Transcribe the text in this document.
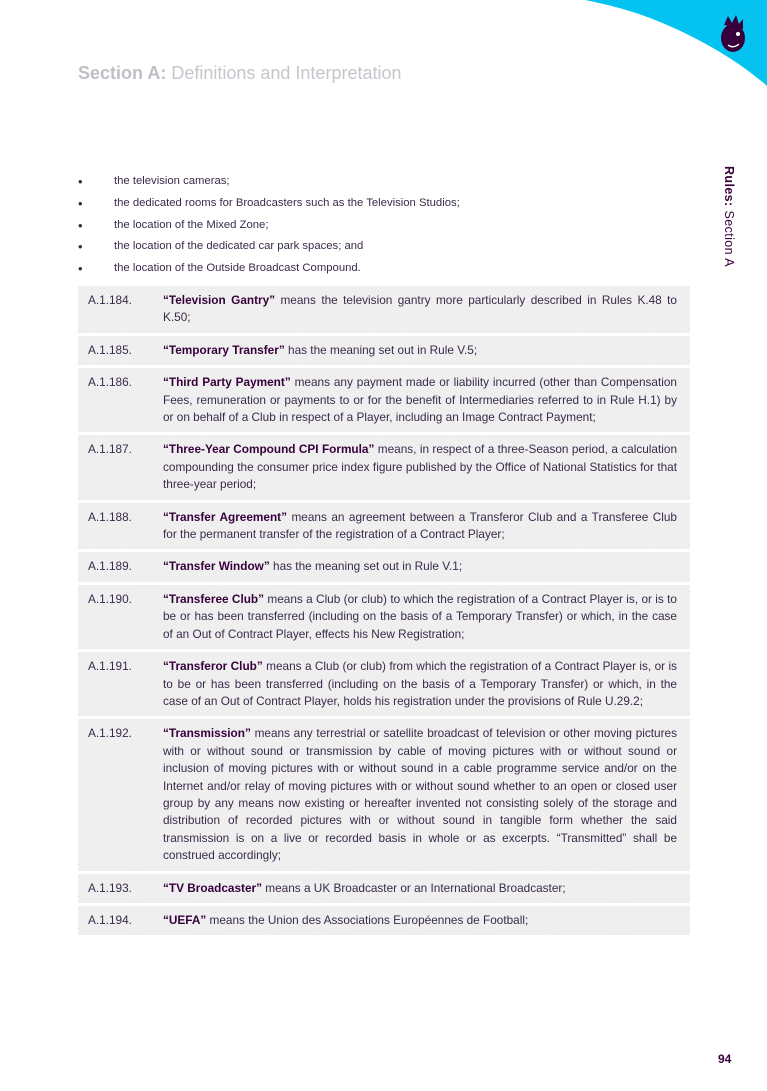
Section A: Definitions and Interpretation
Rules: Section A
•	the television cameras;
•	the dedicated rooms for Broadcasters such as the Television Studios;
•	the location of the Mixed Zone;
•	the location of the dedicated car park spaces; and
•	the location of the Outside Broadcast Compound.
A.1.184.	“Television Gantry” means the television gantry more particularly described in Rules K.48 to K.50;
A.1.185.	“Temporary Transfer” has the meaning set out in Rule V.5;
A.1.186.	“Third Party Payment” means any payment made or liability incurred (other than Compensation Fees, remuneration or payments to or for the benefit of Intermediaries referred to in Rule H.1) by or on behalf of a Club in respect of a Player, including an Image Contract Payment;
A.1.187.	“Three-Year Compound CPI Formula” means, in respect of a three-Season period, a calculation compounding the consumer price index figure published by the Office of National Statistics for that three-year period;
A.1.188.	“Transfer Agreement” means an agreement between a Transferor Club and a Transferee Club for the permanent transfer of the registration of a Contract Player;
A.1.189.	“Transfer Window” has the meaning set out in Rule V.1;
A.1.190.	“Transferee Club” means a Club (or club) to which the registration of a Contract Player is, or is to be or has been transferred (including on the basis of a Temporary Transfer) or which, in the case of an Out of Contract Player, effects his New Registration;
A.1.191.	“Transferor Club” means a Club (or club) from which the registration of a Contract Player is, or is to be or has been transferred (including on the basis of a Temporary Transfer) or which, in the case of an Out of Contract Player, holds his registration under the provisions of Rule U.29.2;
A.1.192.	“Transmission” means any terrestrial or satellite broadcast of television or other moving pictures with or without sound or transmission by cable of moving pictures with or without sound or inclusion of moving pictures with or without sound in a cable programme service and/or on the Internet and/or relay of moving pictures with or without sound whether to an open or closed user group by any means now existing or hereafter invented not consisting solely of the storage and distribution of recorded pictures with or without sound in tangible form whether the said transmission is on a live or recorded basis in whole or as excerpts. “Transmitted” shall be construed accordingly;
A.1.193.	“TV Broadcaster” means a UK Broadcaster or an International Broadcaster;
A.1.194.	“UEFA” means the Union des Associations Européennes de Football;
94
